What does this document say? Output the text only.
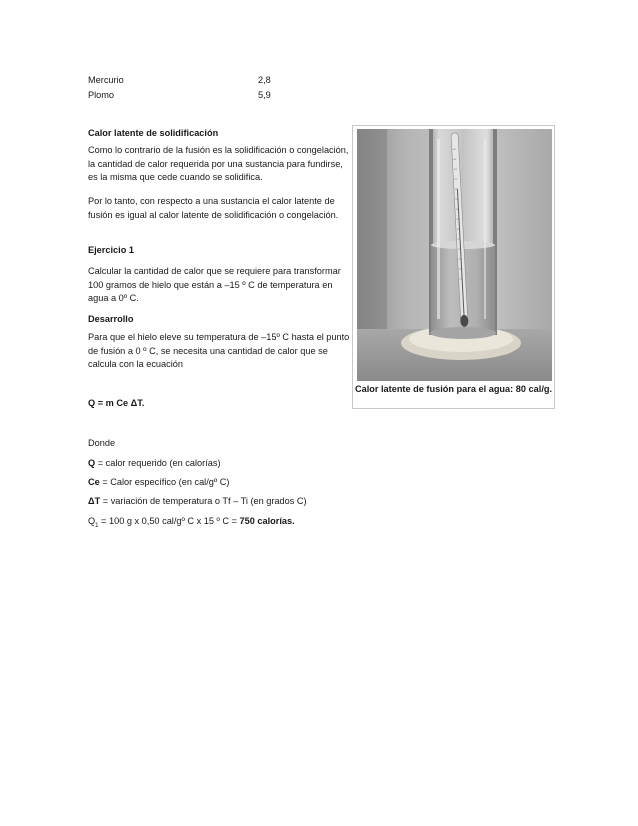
Mercurio	2,8
Plomo	5,9
Calor latente de solidificación
Como lo contrario de la fusión es la solidificación o congelación, la cantidad de calor requerida por una sustancia para fundirse, es la misma que cede cuando se solidifica.
Por lo tanto, con respecto a una sustancia el calor latente de fusión es igual al calor latente de solidificación o congelación.
Ejercicio 1
Calcular la cantidad de calor que se requiere para transformar 100 gramos de hielo que están a –15 º C de temperatura en agua a 0º C.
Desarrollo
Para que el hielo eleve su temperatura de –15º C hasta el punto de fusión a 0 º C, se necesita una cantidad de calor que se calcula con la ecuación
Q = m Ce ΔT.
Calor latente de fusión para el agua: 80 cal/g.
Donde
Q = calor requerido (en calorías)
Ce = Calor específico (en cal/gº C)
ΔT = variación de temperatura o Tf – Ti (en grados C)
$Q_1 = 100$ g x 0,50 cal/gº C x 15 º C = 750 calorías.
